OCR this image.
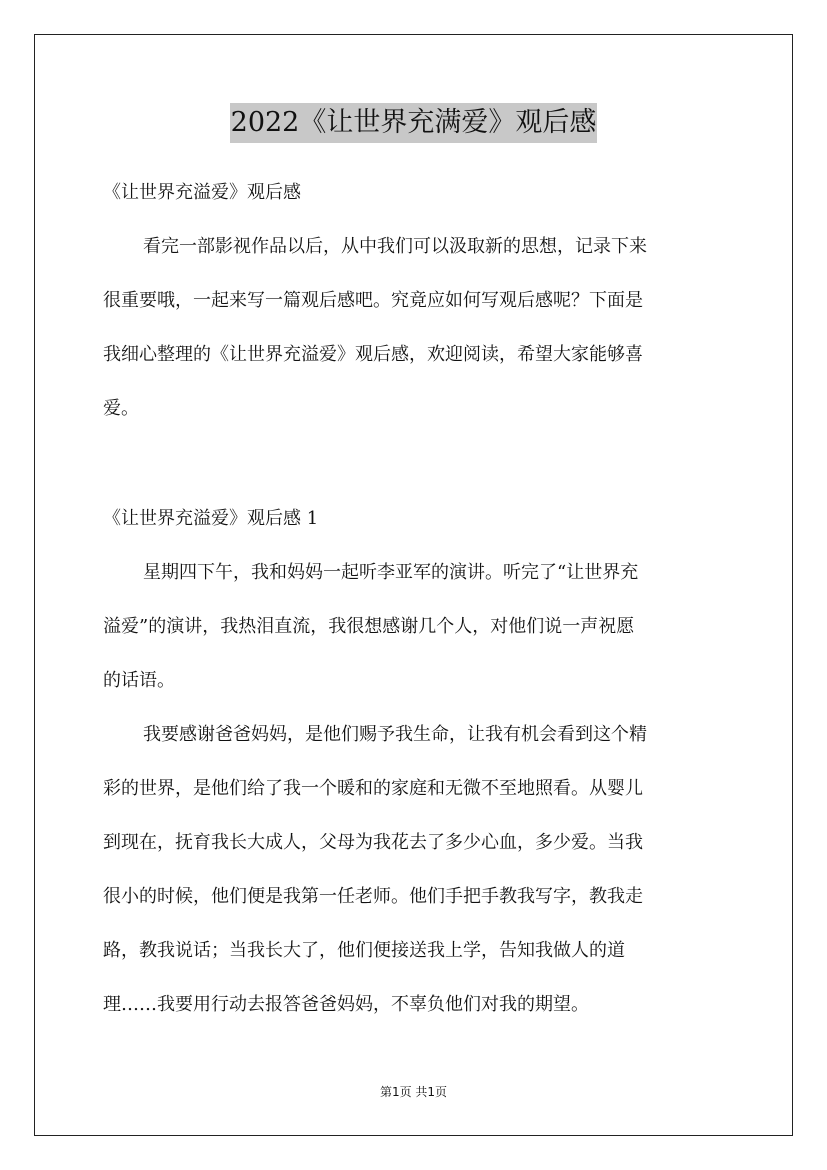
2022《让世界充满爱》观后感
《让世界充溢爱》观后感
看完一部影视作品以后，从中我们可以汲取新的思想，记录下来
很重要哦，一起来写一篇观后感吧。究竟应如何写观后感呢？下面是
我细心整理的《让世界充溢爱》观后感，欢迎阅读，希望大家能够喜
爱。
《让世界充溢爱》观后感 1
星期四下午，我和妈妈一起听李亚军的演讲。听完了“让世界充
溢爱”的演讲，我热泪直流，我很想感谢几个人，对他们说一声祝愿
的话语。
我要感谢爸爸妈妈，是他们赐予我生命，让我有机会看到这个精
彩的世界，是他们给了我一个暖和的家庭和无微不至地照看。从婴儿
到现在，抚育我长大成人，父母为我花去了多少心血，多少爱。当我
很小的时候，他们便是我第一任老师。他们手把手教我写字，教我走
路，教我说话；当我长大了，他们便接送我上学，告知我做人的道
理……我要用行动去报答爸爸妈妈，不辜负他们对我的期望。
第1页 共1页
